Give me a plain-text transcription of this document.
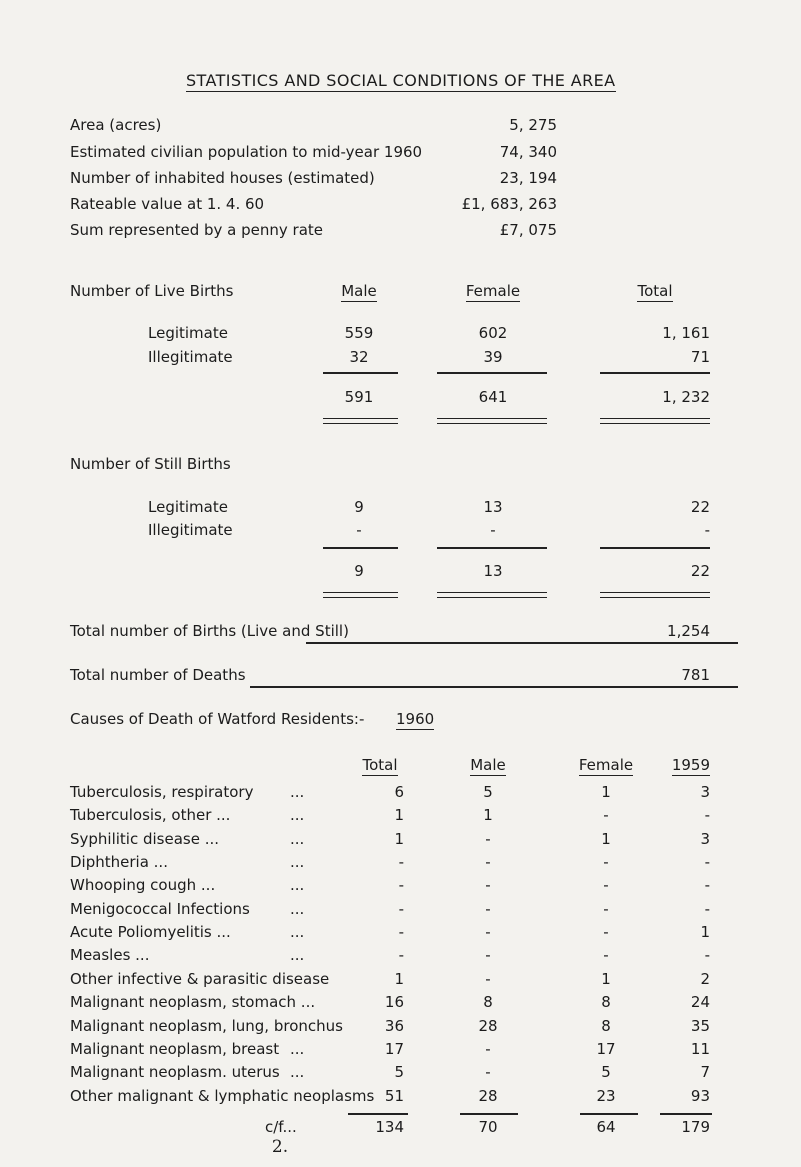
STATISTICS AND SOCIAL CONDITIONS OF THE AREA
Area (acres)	5, 275
Estimated civilian population to mid-year 1960	74, 340
Number of inhabited houses (estimated)	23, 194
Rateable value at 1. 4. 60	£1, 683, 263
Sum represented by a penny rate	£7, 075
Number of Live Births	Male	Female	Total
Legitimate	559	602	1, 161
Illegitimate	32	39	71
591	641	1, 232
Number of Still Births
Legitimate	9	13	22
Illegitimate	-	-	-
9	13	22
Total number of Births (Live and Still)	1,254
Total number of Deaths	781
Causes of Death of Watford Residents:- 1960
Total	Male	Female	1959
Tuberculosis, respiratory ...	6	5	1	3
Tuberculosis, other ...	...	1	1	-	-
Syphilitic disease ...	...	1	-	1	3
Diphtheria ...	...	-	-	-	-
Whooping cough ...	...	-	-	-	-
Menigococcal Infections	...	-	-	-	-
Acute Poliomyelitis ...	...	-	-	-	1
Measles ...	...	-	-	-	-
Other infective & parasitic disease	1	-	1	2
Malignant neoplasm, stomach ...	16	8	8	24
Malignant neoplasm, lung, bronchus	36	28	8	35
Malignant neoplasm, breast ...	17	-	17	11
Malignant neoplasm. uterus ...	5	-	5	7
Other malignant & lymphatic neoplasms 51	28	23	93
c/f...	134	70	64	179
2.
